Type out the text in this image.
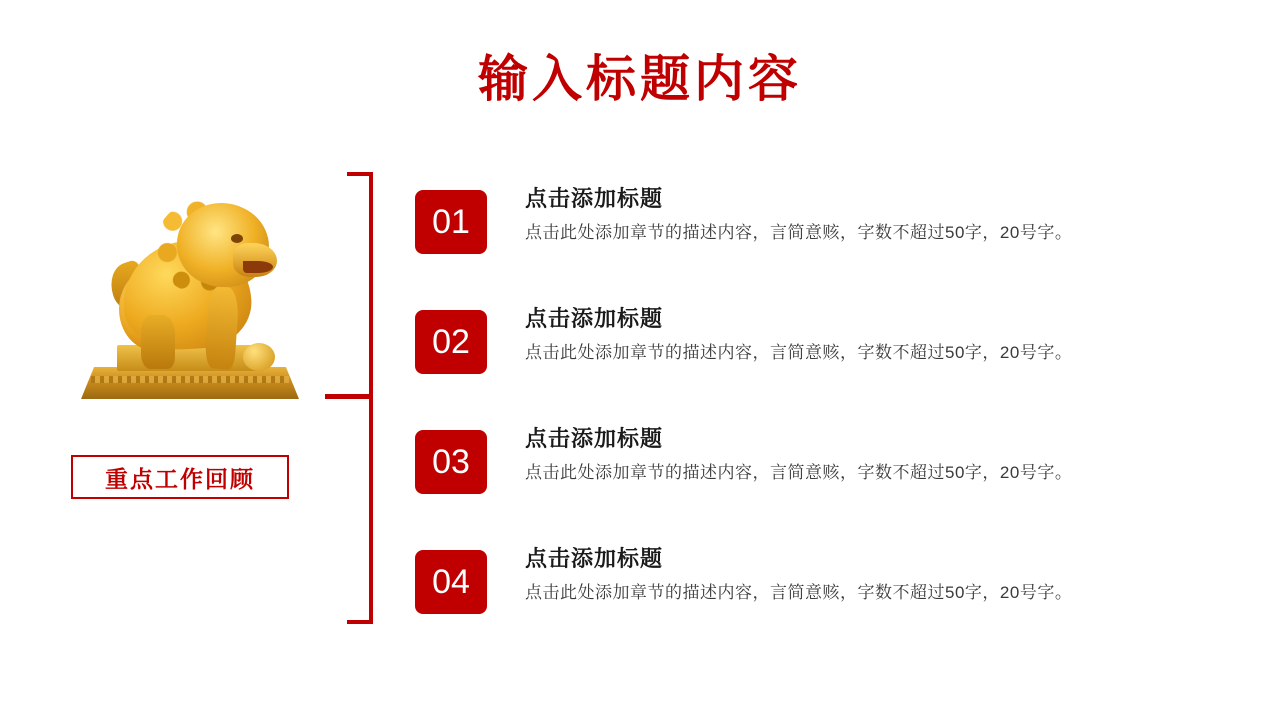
输入标题内容
重点工作回顾
01
点击添加标题
点击此处添加章节的描述内容，言简意赅，字数不超过50字，20号字。
02
点击添加标题
点击此处添加章节的描述内容，言简意赅，字数不超过50字，20号字。
03
点击添加标题
点击此处添加章节的描述内容，言简意赅，字数不超过50字，20号字。
04
点击添加标题
点击此处添加章节的描述内容，言简意赅，字数不超过50字，20号字。
